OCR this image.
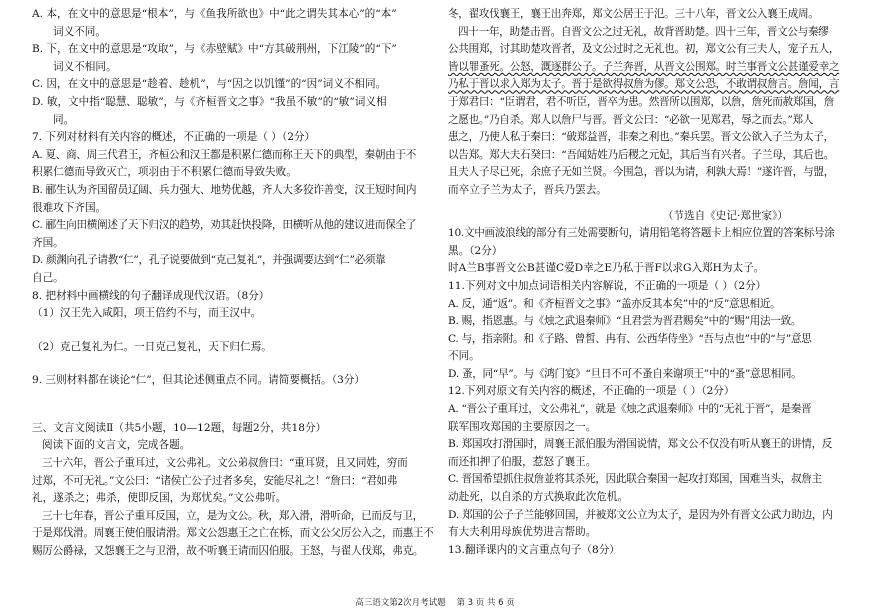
A. 本，在文中的意思是“根本”，与《鱼我所欲也》中“此之谓失其本心”的“本”
词义不同。
B. 下，在文中的意思是“攻取”，与《赤壁赋》中“方其破荆州，下江陵”的“下”
词义不相同。
C. 因，在文中的意思是“趁着、趁机”，与“因之以饥馑”的“因”词义不相同。
D. 敏，文中指“聪慧、聪敏”，与《齐桓晋文之事》“我虽不敏”的“敏”词义相
同。
7. 下列对材料有关内容的概述，不正确的一项是（ ）（2分）
A. 夏、商、周三代君王，齐桓公和汉王都是积累仁德而称王天下的典型，秦朝由于不
积累仁德而导致灭亡，项羽由于不积累仁德而导致失败。
B. 郦生认为齐国留员辽阔、兵力强大、地势优越，齐人大多狡诈善变，汉王短时间内
很难攻下齐国。
C. 郦生向田横阐述了天下归汉的趋势，劝其赶快投降，田横听从他的建议进而保全了
齐国。
D. 颜渊向孔子请教“仁”，孔子说要做到“克己复礼”，并强调要达到“仁”必须靠
自己。
8. 把材料中画横线的句子翻译成现代汉语。（8分）
（1）汉王先入咸阳，项王倍约不与，而王汉中。
（2）克己复礼为仁。一日克己复礼，天下归仁焉。
9. 三则材料都在谈论“仁”，但其论述侧重点不同。请简要概括。（3分）
三、文言文阅读Ⅱ（共5小题，10—12题，每题2分，共18分）
阅读下面的文言文，完成各题。
三十六年，晋公子重耳过，文公弗礼。文公弟叔詹曰：“重耳贤，且又同姓，穷而
过郑，不可无礼。”文公曰：“诸侯亡公子过者多矣，安能尽礼之！”詹曰：“君如弗
礼，遂杀之；弗杀，使即反国，为郑忧矣。”文公弗听。
三十七年春，晋公子重耳反国，立，是为文公。秋，郑入滑，滑听命，已而反与卫，
于是郑伐滑。周襄王使伯服请滑。郑文公怨惠王之亡在栎，而文公父厉公入之，而惠王不
赐厉公爵禄，又怨襄王之与卫滑，故不听襄王请而囚伯服。王怒，与翟人伐郑，弗克。
冬，翟攻伐襄王，襄王出奔郑，郑文公居王于氾。三十八年，晋文公入襄王成周。
四十一年，助楚击晋。自晋文公之过无礼，故背晋助楚。四十三年，晋文公与秦缪
公共围郑，讨其助楚攻晋者，及文公过时之无礼也。初，郑文公有三夫人，宠子五人，
皆以罪蚤死。公怒，溉逐群公子。子兰奔晋，从晋文公围郑。时兰事晋文公甚谨爱幸之
乃私于晋以求入郑为太子。晋于是欲得叔詹为僇。郑文公恐，不敢谓叔詹言。詹闻，言
于郑君曰：“臣谓君，君不听臣，晋卒为患。然晋所以围郑，以詹，詹死而赦郑国，詹
之愿也。”乃自杀。郑人以詹尸与晋。晋文公曰：“必欲一见郑君，辱之而去。”郑人
患之，乃使人私于秦曰：“破郑益晋，非秦之利也。”秦兵罢。晋文公欲入子兰为太子，
以告郑。郑大夫石癸曰：“吾闻姞姓乃后稷之元妃，其后当有兴者。子兰母，其后也。
且夫人子尽已死，余庶子无如兰贤。今围急，晋以为请，利孰大焉！”遂许晋，与盟，
而卒立子兰为太子，晋兵乃罢去。
（节选自《史记·郑世家》）
10.文中画波浪线的部分有三处需要断句，请用铅笔将答题卡上相应位置的答案标号涂
黑。（2分）
时A兰B事晋文公B甚谨C爱D幸之E乃私于晋F以求G入郑H为太子。
11.下列对文中加点词语相关内容解说，不正确的一项是（ ）（2分）
A. 反，通“返”。和《齐桓晋文之事》“盖亦反其本矣”中的“反”意思相近。
B. 赐，指恩惠。与《烛之武退秦师》“且君尝为晋君赐矣”中的“赐”用法一致。
C. 与，指亲附。和《子路、曾皙、冉有、公西华侍坐》“吾与点也”中的“与”意思
不同。
D. 蚤，同“早”。与《鸿门宴》“旦日不可不蚤自来谢项王”中的“蚤”意思相同。
12.下列对原文有关内容的概述，不正确的一项是（ ）（2分）
A. “晋公子重耳过，文公弗礼”，就是《烛之武退秦师》中的“无礼于晋”，是秦晋
联军围攻郑国的主要原因之一。
B. 郑国攻打滑国时，周襄王派伯服为滑国说情，郑文公不仅没有听从襄王的讲情，反
而还扣押了伯服，惹怒了襄王。
C. 晋国希望抓住叔詹並将其杀死，因此联合秦国一起攻打郑国，国难当头，叔詹主
动赴死，以自杀的方式换取此次危机。
D. 郑国的公子子兰能够回国，并被郑文公立为太子，是因为外有晋文公武力助边，内
有大夫利用母族优势进言帮助。
13.翻译课内的文言重点句子（8分）
高三语文第2次月考试题 第 3 页 共 6 页
